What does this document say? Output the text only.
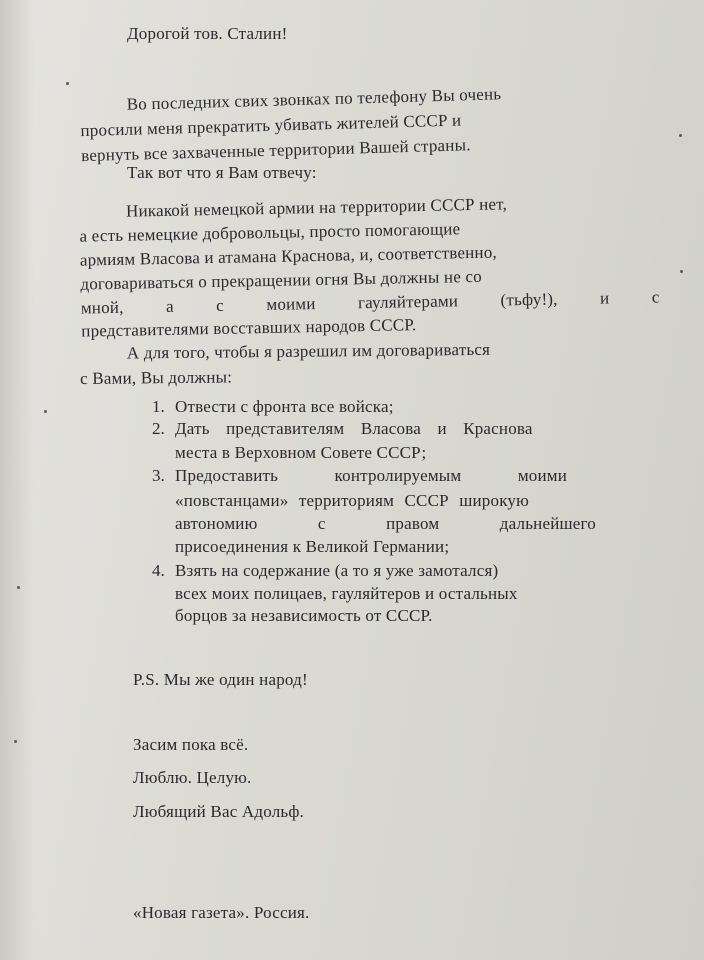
Дорогой тов. Сталин!
Во последних свих звонках по телефону Вы очень
просили меня прекратить убивать жителей СССР и
вернуть все захваченные территории Вашей страны.
Так вот что я Вам отвечу:
Никакой немецкой армии на территории СССР нет,
а есть немецкие добровольцы, просто помогающие
армиям Власова и атамана Краснова, и, соответственно,
договариваться о прекращении огня Вы должны не со
мной, а с моими гауляйтерами (тьфу!), и с
представителями восставших народов СССР.
А для того, чтобы я разрешил им договариваться
с Вами, Вы должны:
1. Отвести с фронта все войска;
2. Дать представителям Власова и Краснова
места в Верховном Совете СССР;
3. Предоставить контролируемым моими
«повстанцами» территориям СССР широкую
автономию с правом дальнейшего
присоединения к Великой Германии;
4. Взять на содержание (а то я уже замотался)
всех моих полицаев, гауляйтеров и остальных
борцов за независимость от СССР.
P.S. Мы же один народ!
Засим пока всё.
Люблю. Целую.
Любящий Вас Адольф.
«Новая газета». Россия.
